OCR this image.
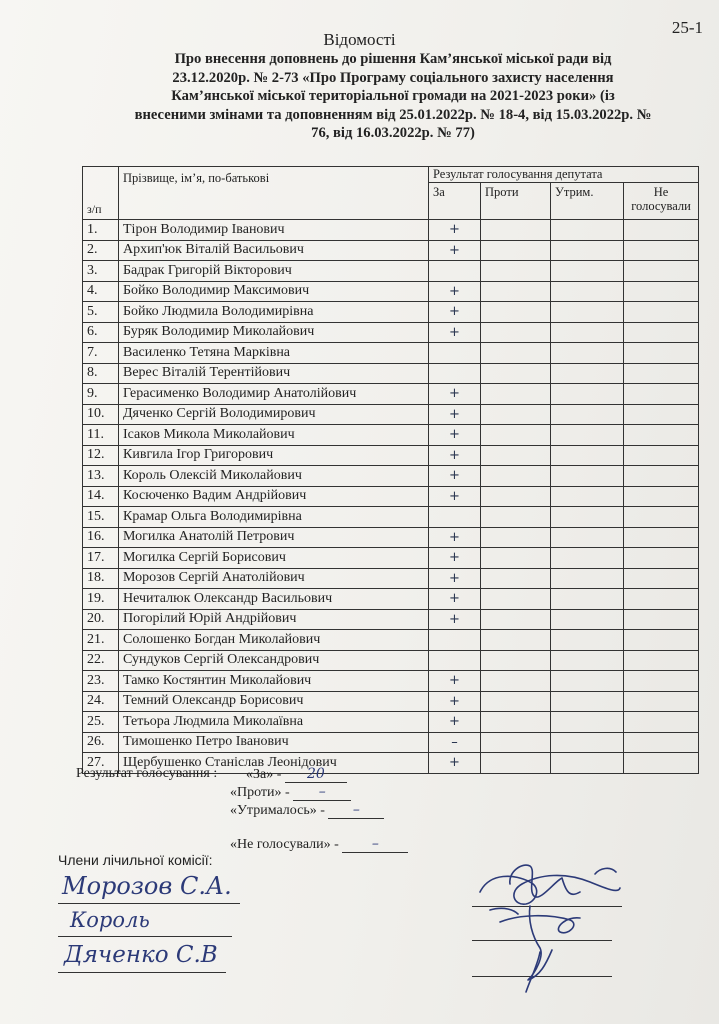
25-1
Відомості
Про внесення доповнень до рішення Кам’янської міської ради від
23.12.2020р. № 2-73 «Про Програму соціального захисту населення
Кам’янської міської територіальної громади на 2021-2023 роки» (із
внесеними змінами та доповненням від 25.01.2022р. № 18-4, від 15.03.2022р. №
76, від 16.03.2022р. № 77)
з/п	Прізвище, ім’я, по-батькові	Результат голосування депутата			
		За	Проти	Утрим.	Не голосували
1.	Тірон Володимир Іванович	+			
2.	Архип'юк Віталій Васильович	+			
3.	Бадрак Григорій Вікторович				
4.	Бойко Володимир Максимович	+			
5.	Бойко Людмила Володимирівна	+			
6.	Буряк Володимир Миколайович	+			
7.	Василенко Тетяна Марківна				
8.	Верес Віталій Терентійович				
9.	Герасименко Володимир Анатолійович	+			
10.	Дяченко Сергій Володимирович	+			
11.	Ісаков Микола Миколайович	+			
12.	Кивгила Ігор Григорович	+			
13.	Король Олексій Миколайович	+			
14.	Косюченко Вадим Андрійович	+			
15.	Крамар Ольга Володимирівна				
16.	Могилка Анатолій Петрович	+			
17.	Могилка Сергій Борисович	+			
18.	Морозов Сергій Анатолійович	+			
19.	Нечиталюк Олександр Васильович	+			
20.	Погорілий Юрій Андрійович	+			
21.	Солошенко Богдан Миколайович				
22.	Сундуков Сергій Олександрович				
23.	Тамко Костянтин Миколайович	+			
24.	Темний Олександр Борисович	+			
25.	Тетьора Людмила Миколаївна	+			
26.	Тимошенко Петро Іванович	–			
27.	Щербушенко Станіслав Леонідович	+			
Результат голосування : «За» - 20
«Проти» - –
«Утрималось» - –
«Не голосували» - –
Члени лічильної комісії:
Морозов С.А.
Король
Дяченко С.В
